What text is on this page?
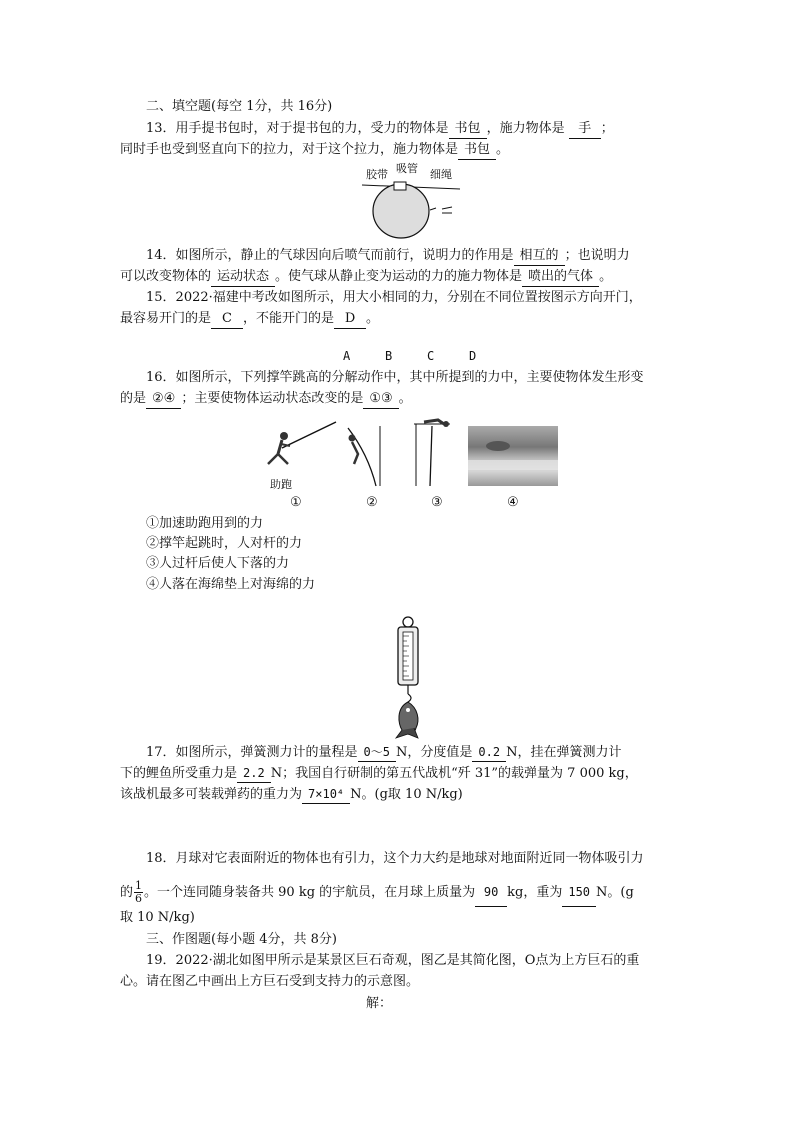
二、填空题(每空 1分，共 16分)
13．用手提书包时，对于提书包的力，受力的物体是 书包 ，施力物体是 手 ；
同时手也受到竖直向下的拉力，对于这个拉力，施力物体是 书包 。
胶带 吸管 细绳
14．如图所示，静止的气球因向后喷气而前行，说明力的作用是 相互的 ；也说明力
可以改变物体的 运动状态 。使气球从静止变为运动的力的施力物体是 喷出的气体 。
15．2022·福建中考改如图所示，用大小相同的力，分别在不同位置按图示方向开门，
最容易开门的是 C ，不能开门的是 D 。
A	B	C	D
16．如图所示，下列撑竿跳高的分解动作中，其中所提到的力中，主要使物体发生形变
的是 ②④ ；主要使物体运动状态改变的是 ①③ 。
助跑
①	②	③	④
①加速助跑用到的力
②撑竿起跳时，人对杆的力
③人过杆后使人下落的力
④人落在海绵垫上对海绵的力
17．如图所示，弹簧测力计的量程是 0～5 N，分度值是 0.2 N，挂在弹簧测力计
下的鲤鱼所受重力是 2.2 N；我国自行研制的第五代战机“歼 31”的载弹量为 7 000 kg，
该战机最多可装载弹药的重力为 7×10⁴ N。(g取 10 N/kg)
18．月球对它表面附近的物体也有引力，这个力大约是地球对地面附近同一物体吸引力
的 $\frac{1}{6}$ 。一个连同随身装备共 90 kg 的宇航员，在月球上质量为 90 kg，重为 150 N。(g
取 10 N/kg)
三、作图题(每小题 4分，共 8分)
19．2022·湖北如图甲所示是某景区巨石奇观，图乙是其简化图，O点为上方巨石的重
心。请在图乙中画出上方巨石受到支持力的示意图。
解：
